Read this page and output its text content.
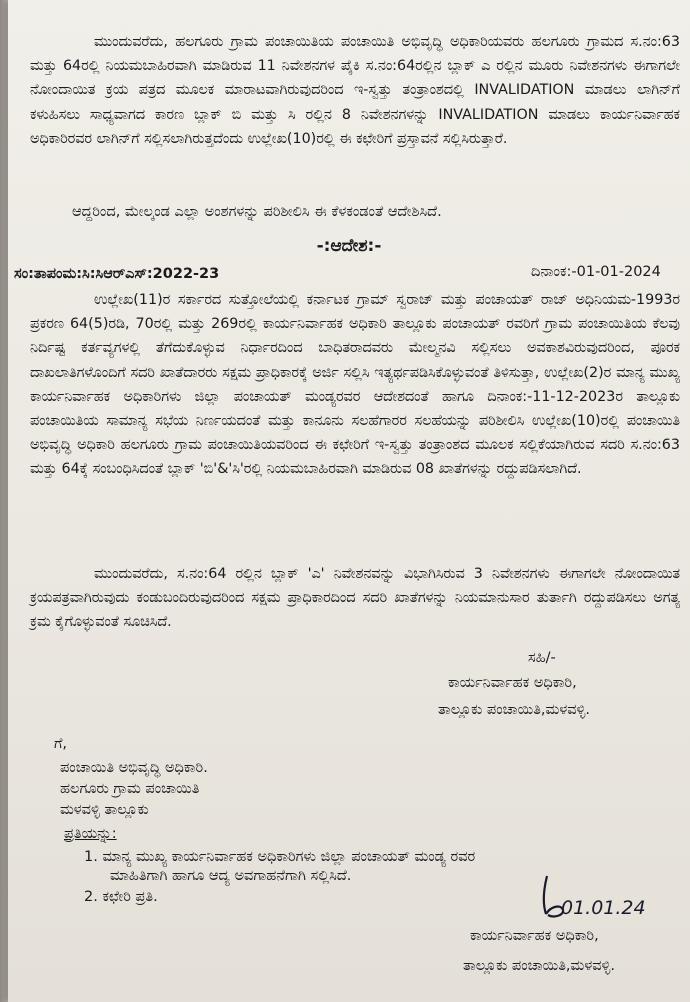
ಮುಂದುವರೆದು, ಹಲಗೂರು ಗ್ರಾಮ ಪಂಚಾಯಿತಿಯ ಪಂಚಾಯಿತಿ ಅಭಿವೃದ್ಧಿ ಅಧಿಕಾರಿಯವರು ಹಲಗೂರು ಗ್ರಾಮದ ಸ.ನಂ:63 ಮತ್ತು 64ರಲ್ಲಿ ನಿಯಮಬಾಹಿರವಾಗಿ ಮಾಡಿರುವ 11 ನಿವೇಶನಗಳ ಪೈಕಿ ಸ.ನಂ:64ರಲ್ಲಿನ ಬ್ಲಾಕ್ ಎ ರಲ್ಲಿನ ಮೂರು ನಿವೇಶನಗಳು ಈಗಾಗಲೇ ನೋಂದಾಯಿತ ಕ್ರಯ ಪತ್ರದ ಮೂಲಕ ಮಾರಾಟವಾಗಿರುವುದರಿಂದ ಇ-ಸ್ವತ್ತು ತಂತ್ರಾಂಶದಲ್ಲಿ INVALIDATION ಮಾಡಲು ಲಾಗಿನ್‌ಗೆ ಕಳುಹಿಸಲು ಸಾಧ್ಯವಾಗದ ಕಾರಣ ಬ್ಲಾಕ್ ಬಿ ಮತ್ತು ಸಿ ರಲ್ಲಿನ 8 ನಿವೇಶನಗಳನ್ನು INVALIDATION ಮಾಡಲು ಕಾರ್ಯನಿರ್ವಾಹಕ ಅಧಿಕಾರಿರವರ ಲಾಗಿನ್‌ಗೆ ಸಲ್ಲಿಸಲಾಗಿರುತ್ತದೆಂದು ಉಲ್ಲೇಖ(10)ರಲ್ಲಿ ಈ ಕಛೇರಿಗೆ ಪ್ರಸ್ತಾವನೆ ಸಲ್ಲಿಸಿರುತ್ತಾರೆ.
ಆದ್ದರಿಂದ, ಮೇಲ್ಕಂಡ ಎಲ್ಲಾ ಅಂಶಗಳನ್ನು ಪರಿಶೀಲಿಸಿ ಈ ಕೆಳಕಂಡಂತೆ ಆದೇಶಿಸಿದೆ.
-:ಆದೇಶ:-
ಸಂ:ತಾಪಂಮ:ಸಿ:ಸಿಆರ್‌ಎಸ್:2022-23	ದಿನಾಂಕ:-01-01-2024
ಉಲ್ಲೇಖ(11)ರ ಸರ್ಕಾರದ ಸುತ್ತೋಲೆಯಲ್ಲಿ ಕರ್ನಾಟಕ ಗ್ರಾಮ್ ಸ್ವರಾಜ್ ಮತ್ತು ಪಂಚಾಯತ್ ರಾಜ್ ಅಧಿನಿಯಮ-1993ರ ಪ್ರಕರಣ 64(5)ರಡಿ, 70ರಲ್ಲಿ ಮತ್ತು 269ರಲ್ಲಿ ಕಾರ್ಯನಿರ್ವಾಹಕ ಅಧಿಕಾರಿ ತಾಲ್ಲೂಕು ಪಂಚಾಯತ್ ರವರಿಗೆ ಗ್ರಾಮ ಪಂಚಾಯಿತಿಯ ಕೆಲವು ನಿರ್ದಿಷ್ಟ ಕರ್ತವ್ಯಗಳಲ್ಲಿ ತೆಗೆದುಕೊಳ್ಳುವ ನಿರ್ಧಾರದಿಂದ ಬಾಧಿತರಾದವರು ಮೇಲ್ಮನವಿ ಸಲ್ಲಿಸಲು ಅವಕಾಶವಿರುವುದರಿಂದ, ಪೂರಕ ದಾಖಲಾತಿಗಳೊಂದಿಗೆ ಸದರಿ ಖಾತೆದಾರರು ಸಕ್ಷಮ ಪ್ರಾಧಿಕಾರಕ್ಕೆ ಅರ್ಜಿ ಸಲ್ಲಿಸಿ ಇತ್ಯರ್ಥಪಡಿಸಿಕೊಳ್ಳುವಂತೆ ತಿಳಿಸುತ್ತಾ, ಉಲ್ಲೇಖ(2)ರ ಮಾನ್ಯ ಮುಖ್ಯ ಕಾರ್ಯನಿರ್ವಾಹಕ ಅಧಿಕಾರಿಗಳು ಜಿಲ್ಲಾ ಪಂಚಾಯತ್ ಮಂಡ್ಯರವರ ಆದೇಶದಂತೆ ಹಾಗೂ ದಿನಾಂಕ:-11-12-2023ರ ತಾಲ್ಲೂಕು ಪಂಚಾಯಿತಿಯ ಸಾಮಾನ್ಯ ಸಭೆಯ ನಿರ್ಣಯದಂತೆ ಮತ್ತು ಕಾನೂನು ಸಲಹೆಗಾರರ ಸಲಹೆಯನ್ನು ಪರಿಶೀಲಿಸಿ ಉಲ್ಲೇಖ(10)ರಲ್ಲಿ ಪಂಚಾಯಿತಿ ಅಭಿವೃದ್ಧಿ ಅಧಿಕಾರಿ ಹಲಗೂರು ಗ್ರಾಮ ಪಂಚಾಯಿತಿಯವರಿಂದ ಈ ಕಛೇರಿಗೆ ಇ-ಸ್ವತ್ತು ತಂತ್ರಾಂಶದ ಮೂಲಕ ಸಲ್ಲಿಕೆಯಾಗಿರುವ ಸದರಿ ಸ.ನಂ:63 ಮತ್ತು 64ಕ್ಕೆ ಸಂಬಂಧಿಸಿದಂತೆ ಬ್ಲಾಕ್ 'ಬಿ'&'ಸಿ'ರಲ್ಲಿ ನಿಯಮಬಾಹಿರವಾಗಿ ಮಾಡಿರುವ 08 ಖಾತೆಗಳನ್ನು ರದ್ದುಪಡಿಸಲಾಗಿದೆ.
ಮುಂದುವರೆದು, ಸ.ನಂ:64 ರಲ್ಲಿನ ಬ್ಲಾಕ್ 'ಎ' ನಿವೇಶನವನ್ನು ವಿಭಾಗಿಸಿರುವ 3 ನಿವೇಶನಗಳು ಈಗಾಗಲೇ ನೋಂದಾಯಿತ ಕ್ರಯಪತ್ರವಾಗಿರುವುದು ಕಂಡುಬಂದಿರುವುದರಿಂದ ಸಕ್ಷಮ ಪ್ರಾಧಿಕಾರದಿಂದ ಸದರಿ ಖಾತೆಗಳನ್ನು ನಿಯಮಾನುಸಾರ ತುರ್ತಾಗಿ ರದ್ದುಪಡಿಸಲು ಅಗತ್ಯ ಕ್ರಮ ಕೈಗೊಳ್ಳುವಂತೆ ಸೂಚಿಸಿದೆ.
ಸಹಿ/-
ಕಾರ್ಯನಿರ್ವಾಹಕ ಅಧಿಕಾರಿ,
ತಾಲ್ಲೂಕು ಪಂಚಾಯಿತಿ,ಮಳವಳ್ಳಿ.
ಗೆ,
ಪಂಚಾಯಿತಿ ಅಭಿವೃದ್ಧಿ ಅಧಿಕಾರಿ.
ಹಲಗೂರು ಗ್ರಾಮ ಪಂಚಾಯಿತಿ
ಮಳವಳ್ಳಿ ತಾಲ್ಲೂಕು
ಪ್ರತಿಯನ್ನು:
1. ಮಾನ್ಯ ಮುಖ್ಯ ಕಾರ್ಯನಿರ್ವಾಹಕ ಅಧಿಕಾರಿಗಳು ಜಿಲ್ಲಾ ಪಂಚಾಯತ್ ಮಂಡ್ಯ ರವರ
ಮಾಹಿತಿಗಾಗಿ ಹಾಗೂ ಆದ್ಯ ಅವಗಾಹನೆಗಾಗಿ ಸಲ್ಲಿಸಿದೆ.
2. ಕಛೇರಿ ಪ್ರತಿ.	01.01.24
ಕಾರ್ಯನಿರ್ವಾಹಕ ಅಧಿಕಾರಿ,
ತಾಲ್ಲೂಕು ಪಂಚಾಯಿತಿ,ಮಳವಳ್ಳಿ.
